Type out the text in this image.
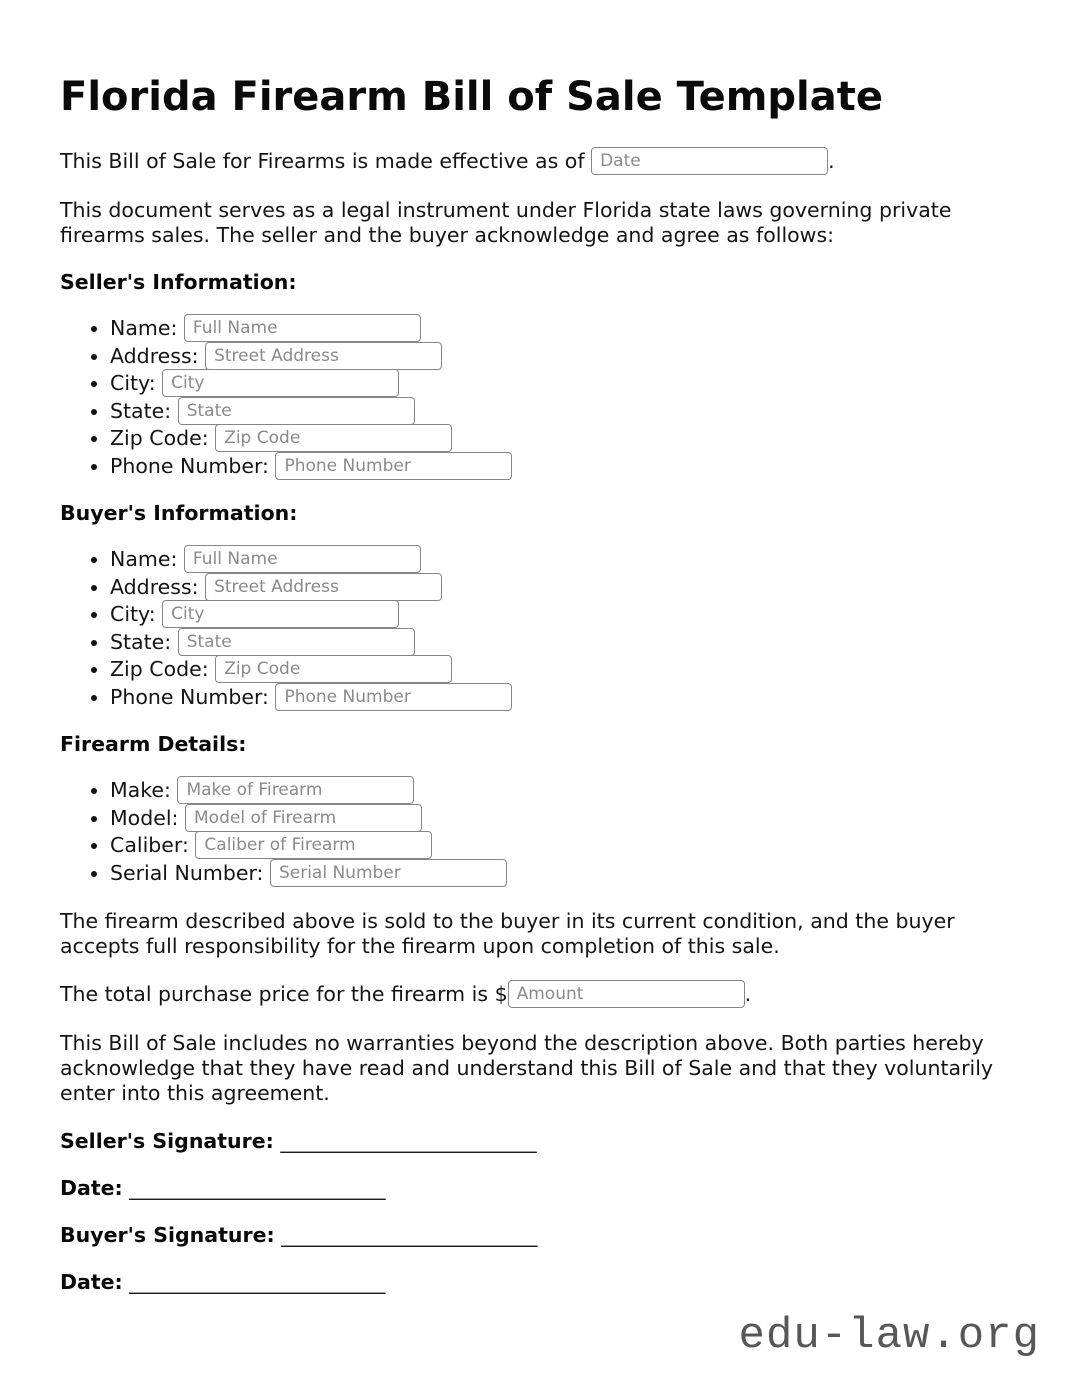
Florida Firearm Bill of Sale Template

This Bill of Sale for Firearms is made effective as of Date	.

This document serves as a legal instrument under Florida state laws governing private firearms sales. The seller and the buyer acknowledge and agree as follows:

Seller's Information:
• Name: Full Name
• Address: Street Address
• City: City
• State: State
• Zip Code: Zip Code
• Phone Number: Phone Number
Buyer's Information:
• Name: Full Name
• Address: Street Address
• City: City
• State: State
• Zip Code: Zip Code
• Phone Number: Phone Number
Firearm Details:
• Make: Make of Firearm
• Model: Model of Firearm
• Caliber: Caliber of Firearm
• Serial Number: Serial Number

The firearm described above is sold to the buyer in its current condition, and the buyer accepts full responsibility for the firearm upon completion of this sale.

The total purchase price for the firearm is $Amount	.

This Bill of Sale includes no warranties beyond the description above. Both parties hereby acknowledge that they have read and understand this Bill of Sale and that they voluntarily enter into this agreement.

Seller's Signature: _________________________

Date: _________________________

Buyer's Signature: _________________________

Date: _________________________

edu-law.org
